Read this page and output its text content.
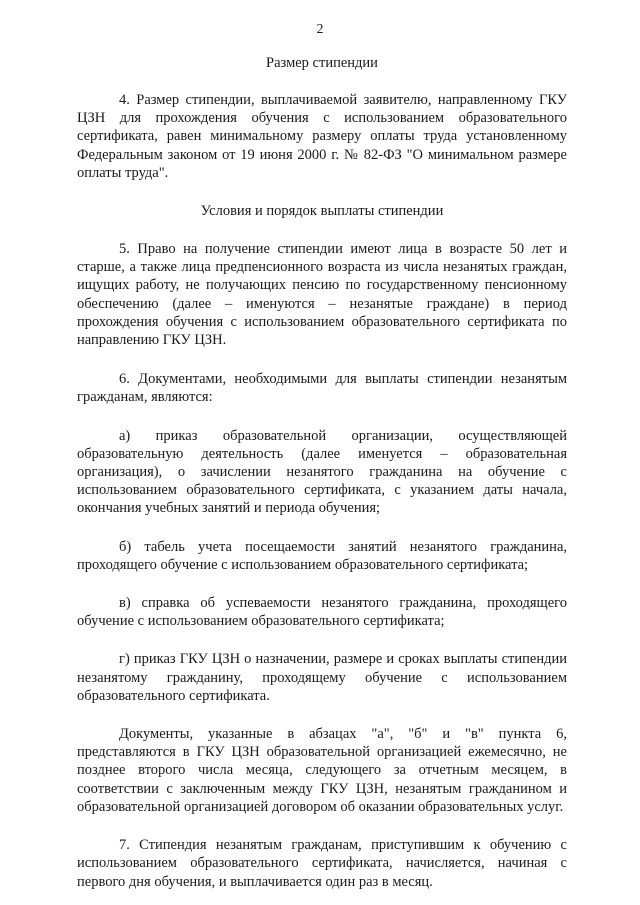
2

Размер стипендии

4. Размер стипендии, выплачиваемой заявителю, направленному ГКУ ЦЗН для прохождения обучения с использованием образовательного сертификата, равен минимальному размеру оплаты труда установленному Федеральным законом от 19 июня 2000 г. № 82-ФЗ "О минимальном размере оплаты труда".

Условия и порядок выплаты стипендии

5. Право на получение стипендии имеют лица в возрасте 50 лет и старше, а также лица предпенсионного возраста из числа незанятых граждан, ищущих работу, не получающих пенсию по государственному пенсионному обеспечению (далее – именуются – незанятые граждане) в период прохождения обучения с использованием образовательного сертификата по направлению ГКУ ЦЗН.

6. Документами, необходимыми для выплаты стипендии незанятым гражданам, являются:

а) приказ образовательной организации, осуществляющей образовательную деятельность (далее именуется – образовательная организация), о зачислении незанятого гражданина на обучение с использованием образовательного сертификата, с указанием даты начала, окончания учебных занятий и периода обучения;

б) табель учета посещаемости занятий незанятого гражданина, проходящего обучение с использованием образовательного сертификата;

в) справка об успеваемости незанятого гражданина, проходящего обучение с использованием образовательного сертификата;

г) приказ ГКУ ЦЗН о назначении, размере и сроках выплаты стипендии незанятому гражданину, проходящему обучение с использованием образовательного сертификата.

Документы, указанные в абзацах "а", "б" и "в" пункта 6, представляются в ГКУ ЦЗН образовательной организацией ежемесячно, не позднее второго числа месяца, следующего за отчетным месяцем, в соответствии с заключенным между ГКУ ЦЗН, незанятым гражданином и образовательной организацией договором об оказании образовательных услуг.

7. Стипендия незанятым гражданам, приступившим к обучению с использованием образовательного сертификата, начисляется, начиная с первого дня обучения, и выплачивается один раз в месяц.
